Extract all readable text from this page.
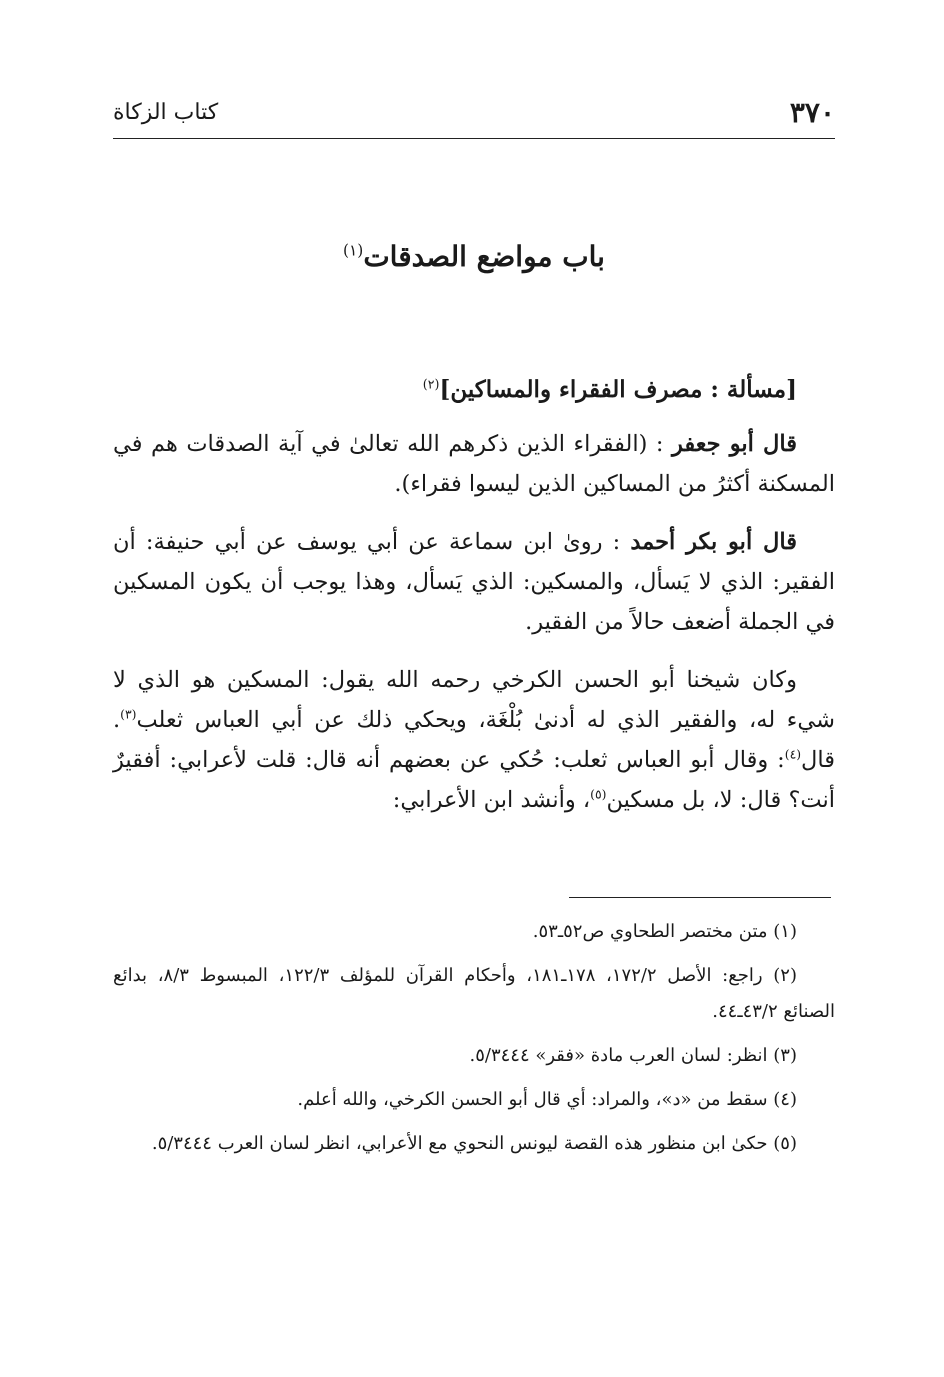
٣٧٠
كتاب الزكاة
باب مواضع الصدقات$^{(١)}$

[مسألة : مصرف الفقراء والمساكين]$^{(٢)}$

قال أبو جعفر : (الفقراء الذين ذكرهم الله تعالىٰ في آية الصدقات هم في المسكنة أكثرُ من المساكين الذين ليسوا فقراء).

قال أبو بكر أحمد : روىٰ ابن سماعة عن أبي يوسف عن أبي حنيفة: أن الفقير: الذي لا يَسأل، والمسكين: الذي يَسأل، وهذا يوجب أن يكون المسكين في الجملة أضعف حالاً من الفقير.

وكان شيخنا أبو الحسن الكرخي رحمه الله يقول: المسكين هو الذي لا شيء له، والفقير الذي له أدنىٰ بُلْغَة، ويحكي ذلك عن أبي العباس ثعلب$^{(٣)}$. قال$^{(٤)}$: وقال أبو العباس ثعلب: حُكي عن بعضهم أنه قال: قلت لأعرابي: أفقيرٌ أنت؟ قال: لا، بل مسكين$^{(٥)}$، وأنشد ابن الأعرابي:

(١) متن مختصر الطحاوي ص٥٢ـ٥٣.

(٢) راجع: الأصل ١٧٢/٢، ١٧٨ـ١٨١، وأحكام القرآن للمؤلف ١٢٢/٣، المبسوط ٨/٣، بدائع الصنائع ٤٣/٢ـ٤٤.

(٣) انظر: لسان العرب مادة «فقر» ٥/٣٤٤٤.

(٤) سقط من «د»، والمراد: أي قال أبو الحسن الكرخي، والله أعلم.

(٥) حكىٰ ابن منظور هذه القصة ليونس النحوي مع الأعرابي، انظر لسان العرب ٥/٣٤٤٤.
